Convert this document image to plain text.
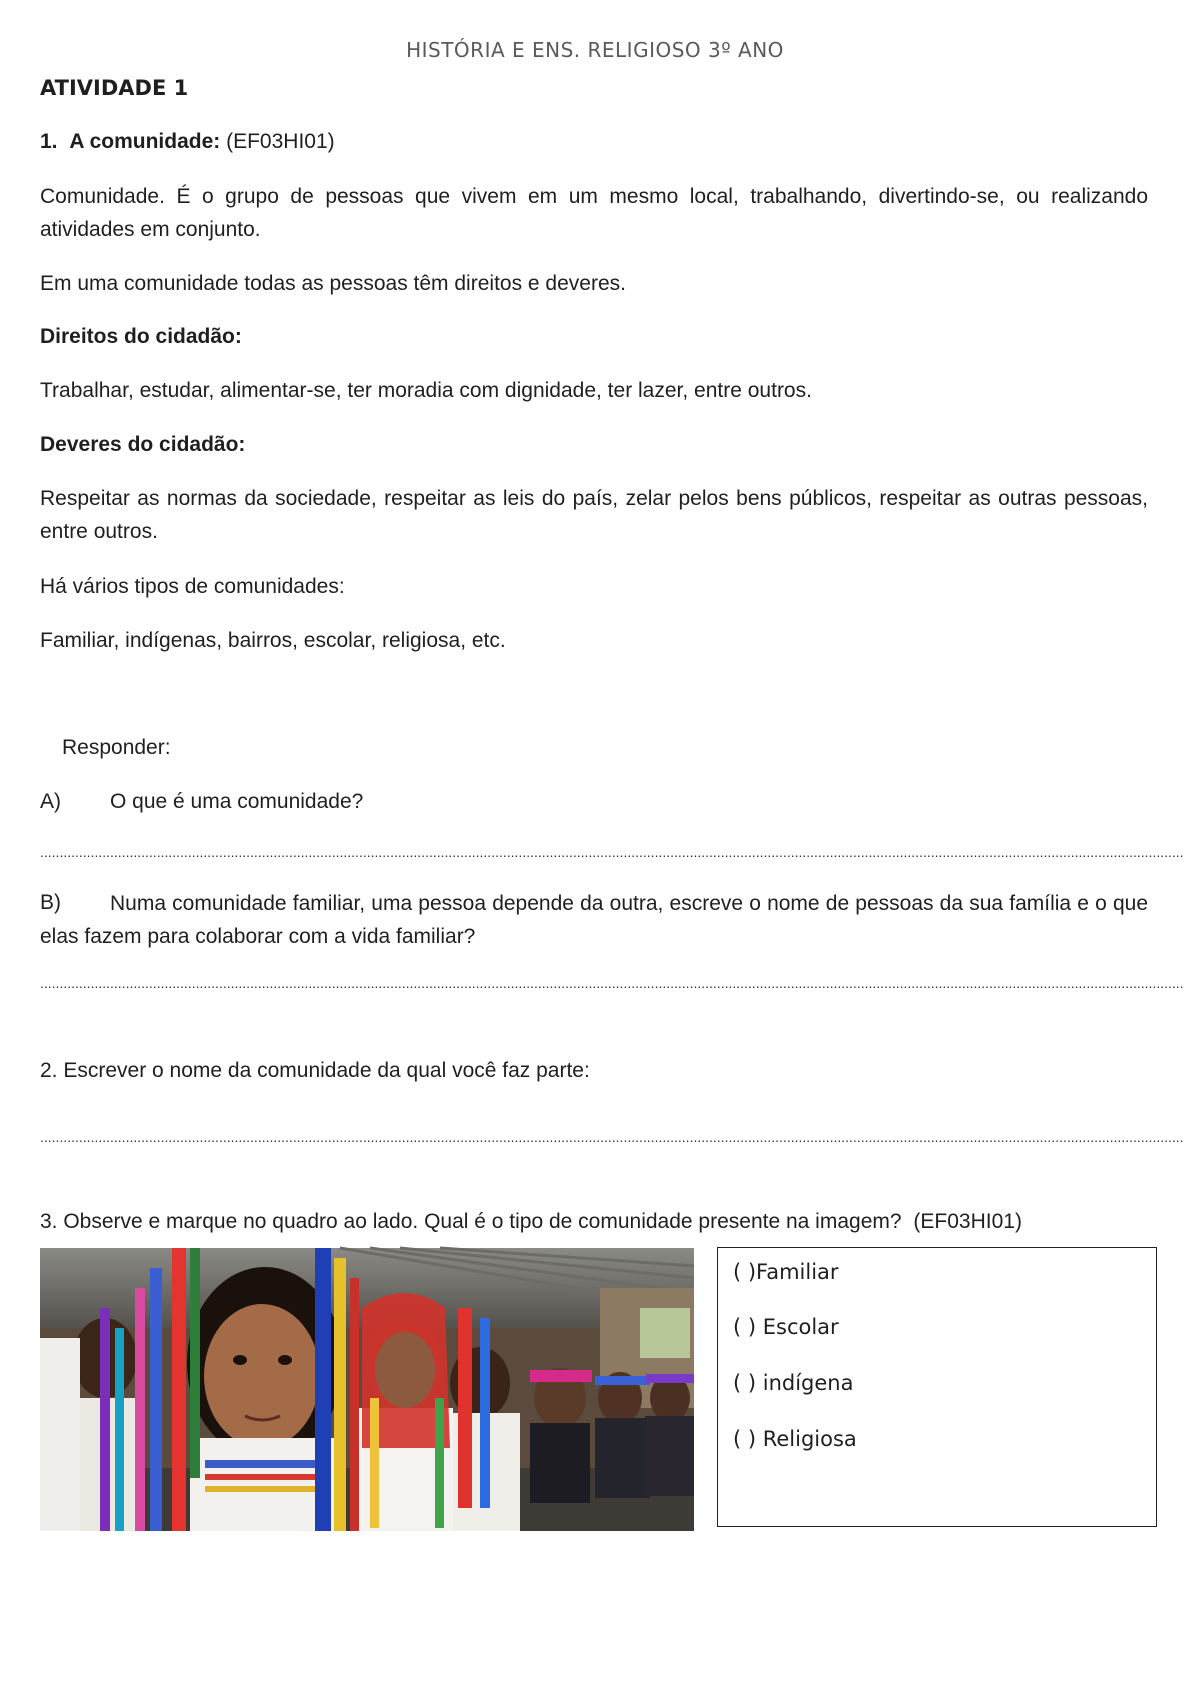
HISTÓRIA E ENS. RELIGIOSO 3º ANO
ATIVIDADE 1
1. A comunidade: (EF03HI01)
Comunidade. É o grupo de pessoas que vivem em um mesmo local, trabalhando, divertindo-se, ou realizando atividades em conjunto.
Em uma comunidade todas as pessoas têm direitos e deveres.
Direitos do cidadão:
Trabalhar, estudar, alimentar-se, ter moradia com dignidade, ter lazer, entre outros.
Deveres do cidadão:
Respeitar as normas da sociedade, respeitar as leis do país, zelar pelos bens públicos, respeitar as outras pessoas, entre outros.
Há vários tipos de comunidades:
Familiar, indígenas, bairros, escolar, religiosa, etc.
Responder:
A) O que é uma comunidade?
......................................................................................................................................................................................................................................................................................................
B)	Numa comunidade familiar, uma pessoa depende da outra, escreve o nome de pessoas da sua família e o que elas fazem para colaborar com a vida familiar?
......................................................................................................................................................................................................................................................................................................
2. Escrever o nome da comunidade da qual você faz parte:
......................................................................................................................................................................................................................................................................................................
3. Observe e marque no quadro ao lado. Qual é o tipo de comunidade presente na imagem? (EF03HI01)
( )Familiar
( ) Escolar
( ) indígena
( ) Religiosa
